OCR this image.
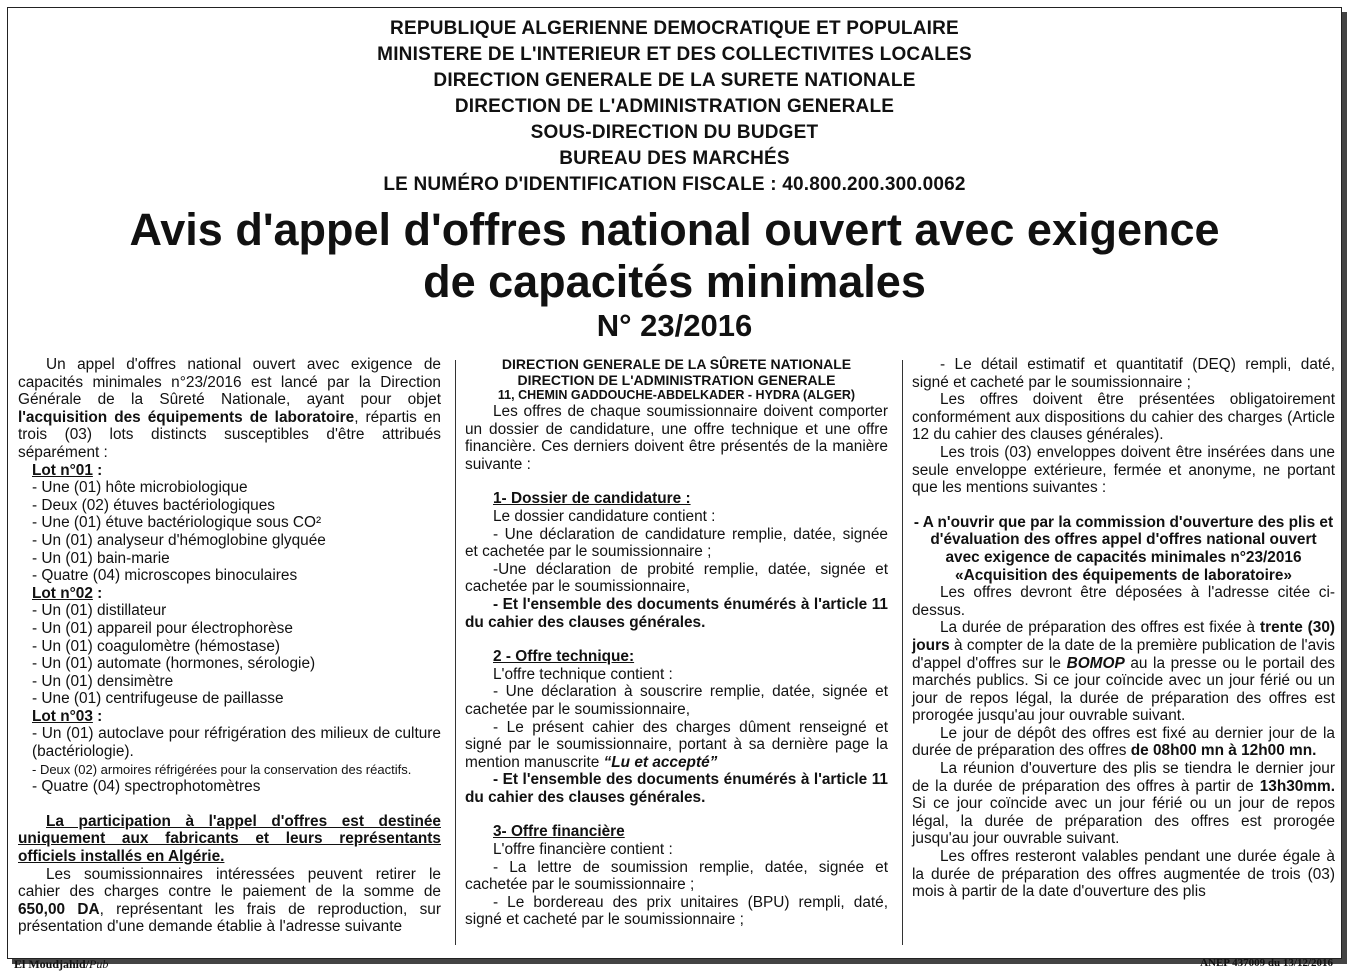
REPUBLIQUE ALGERIENNE DEMOCRATIQUE ET POPULAIRE
MINISTERE DE L'INTERIEUR ET DES COLLECTIVITES LOCALES
DIRECTION GENERALE DE LA SURETE NATIONALE
DIRECTION DE L'ADMINISTRATION GENERALE
SOUS-DIRECTION DU BUDGET
BUREAU DES MARCHÉS
LE NUMÉRO D'IDENTIFICATION FISCALE : 40.800.200.300.0062
Avis d'appel d'offres national ouvert avec exigence
de capacités minimales
N° 23/2016

Un appel d'offres national ouvert avec exigence de capacités minimales n°23/2016 est lancé par la Direction Générale de la Sûreté Nationale, ayant pour objet l'acquisition des équipements de laboratoire, répartis en trois (03) lots distincts susceptibles d'être attribués séparément :

Lot n°01 :

- Une (01) hôte microbiologique

- Deux (02) étuves bactériologiques

- Une (01) étuve bactériologique sous CO²

- Un (01) analyseur d'hémoglobine glyquée

- Un (01) bain-marie

- Quatre (04) microscopes binoculaires

Lot n°02 :

- Un (01) distillateur

- Un (01) appareil pour électrophorèse

- Un (01) coagulomètre (hémostase)

- Un (01) automate (hormones, sérologie)

- Un (01) densimètre

- Une (01) centrifugeuse de paillasse

Lot n°03 :

- Un (01) autoclave pour réfrigération des milieux de culture (bactériologie).

- Deux (02) armoires réfrigérées pour la conservation des réactifs.

- Quatre (04) spectrophotomètres

La participation à l'appel d'offres est destinée uniquement aux fabricants et leurs représentants officiels installés en Algérie.

Les soumissionnaires intéressées peuvent retirer le cahier des charges contre le paiement de la somme de 650,00 DA, représentant les frais de reproduction, sur présentation d'une demande établie à l'adresse suivante

DIRECTION GENERALE DE LA SÛRETE NATIONALE

DIRECTION DE L'ADMINISTRATION GENERALE

11, CHEMIN GADDOUCHE-ABDELKADER - HYDRA (ALGER)

Les offres de chaque soumissionnaire doivent comporter un dossier de candidature, une offre technique et une offre financière. Ces derniers doivent être présentés de la manière suivante :

1- Dossier de candidature :

Le dossier candidature contient :

- Une déclaration de candidature remplie, datée, signée et cachetée par le soumissionnaire ;

-Une déclaration de probité remplie, datée, signée et cachetée par le soumissionnaire,

- Et l'ensemble des documents énumérés à l'article 11 du cahier des clauses générales.

2 - Offre technique:

L'offre technique contient :

- Une déclaration à souscrire remplie, datée, signée et cachetée par le soumissionnaire,

- Le présent cahier des charges dûment renseigné et signé par le soumissionnaire, portant à sa dernière page la mention manuscrite “Lu et accepté”

- Et l'ensemble des documents énumérés à l'article 11 du cahier des clauses générales.

3- Offre financière

L'offre financière contient :

- La lettre de soumission remplie, datée, signée et cachetée par le soumissionnaire ;

- Le bordereau des prix unitaires (BPU) rempli, daté, signé et cacheté par le soumissionnaire ;

- Le détail estimatif et quantitatif (DEQ) rempli, daté, signé et cacheté par le soumissionnaire ;

Les offres doivent être présentées obligatoirement conformément aux dispositions du cahier des charges (Article 12 du cahier des clauses générales).

Les trois (03) enveloppes doivent être insérées dans une seule enveloppe extérieure, fermée et anonyme, ne portant que les mentions suivantes :

- A n'ouvrir que par la commission d'ouverture des plis et d'évaluation des offres appel d'offres national ouvert avec exigence de capacités minimales n°23/2016

«Acquisition des équipements de laboratoire»

Les offres devront être déposées à l'adresse citée ci-dessus.

La durée de préparation des offres est fixée à trente (30) jours à compter de la date de la première publication de l'avis d'appel d'offres sur le BOMOP au la presse ou le portail des marchés publics. Si ce jour coïncide avec un jour férié ou un jour de repos légal, la durée de préparation des offres est prorogée jusqu'au jour ouvrable suivant.

Le jour de dépôt des offres est fixé au dernier jour de la durée de préparation des offres de 08h00 mn à 12h00 mn.

La réunion d'ouverture des plis se tiendra le dernier jour de la durée de préparation des offres à partir de 13h30mm. Si ce jour coïncide avec un jour férié ou un jour de repos légal, la durée de préparation des offres est prorogée jusqu'au jour ouvrable suivant.

Les offres resteront valables pendant une durée égale à la durée de préparation des offres augmentée de trois (03) mois à partir de la date d'ouverture des plis

El Moudjahid/Pub	ANEP 437009 du 13/12/2016
